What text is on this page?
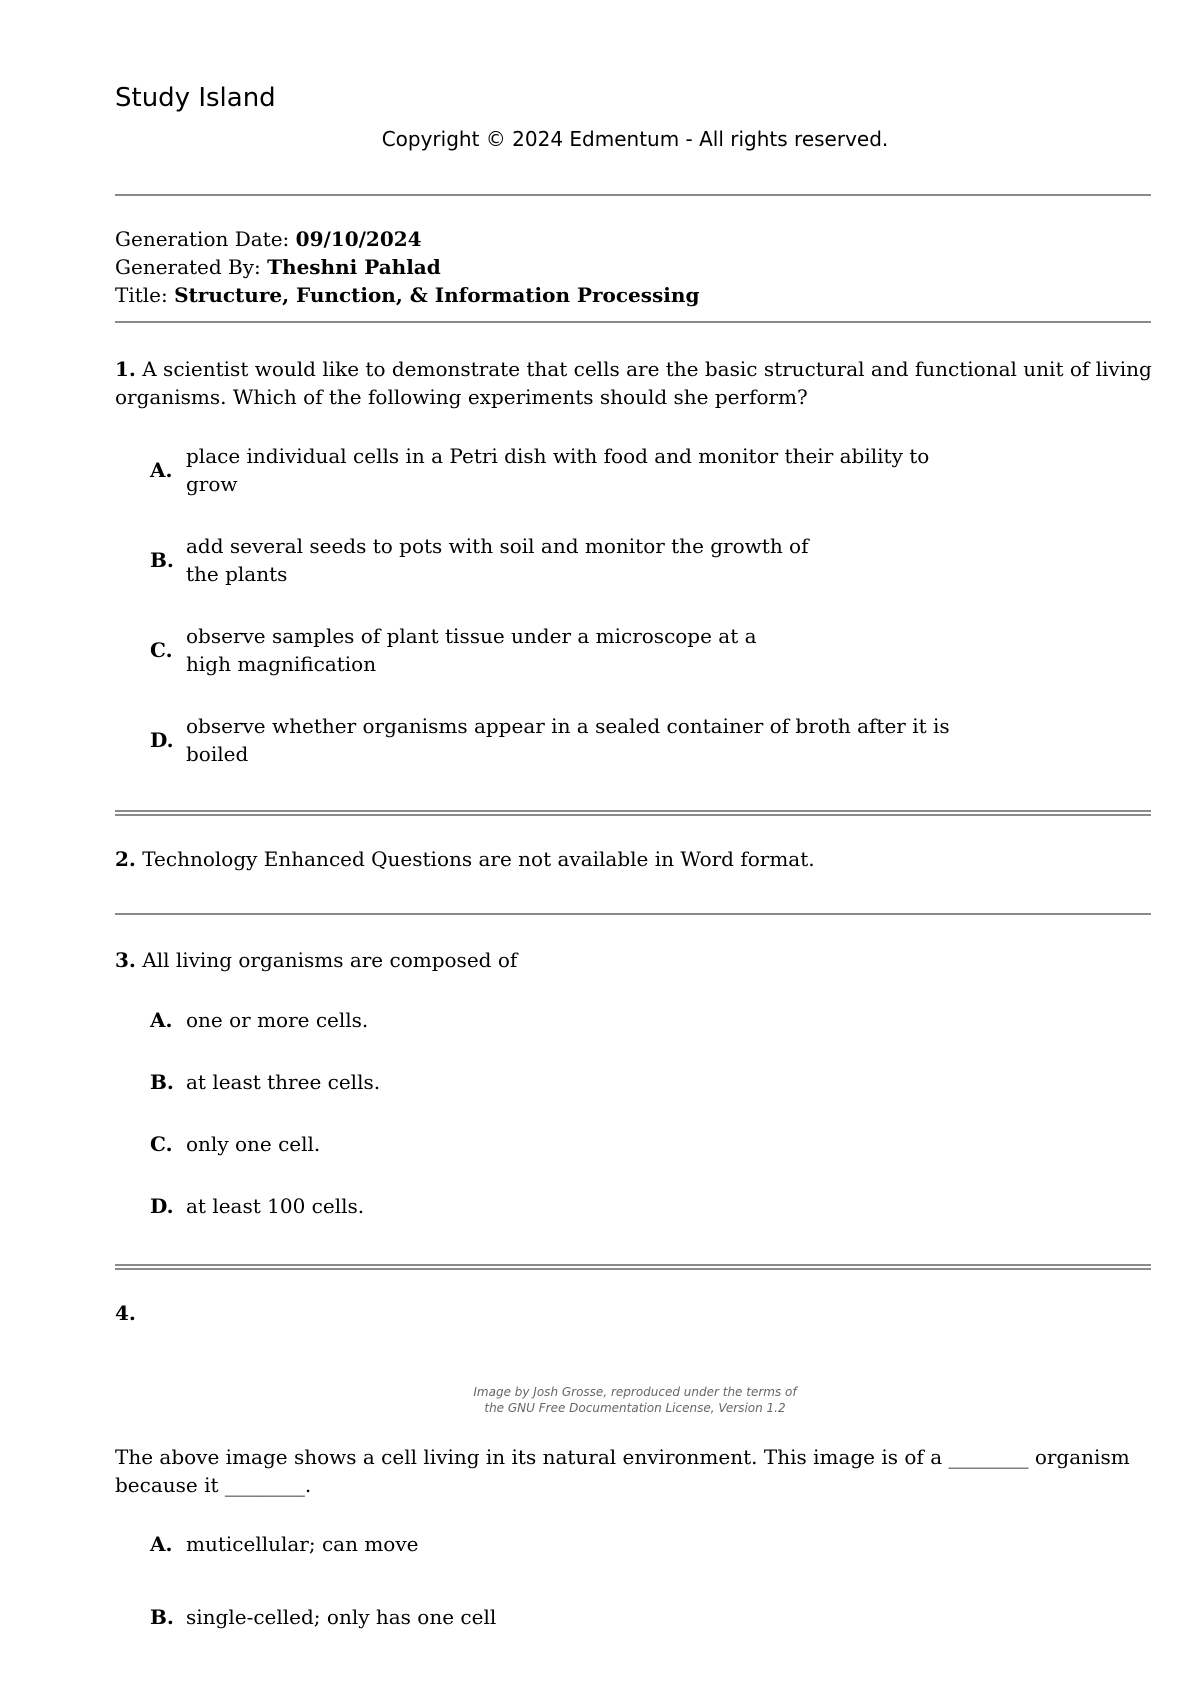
Study Island
Copyright © 2024 Edmentum - All rights reserved.
Generation Date: 09/10/2024
Generated By: Theshni Pahlad
Title: Structure, Function, & Information Processing
1. A scientist would like to demonstrate that cells are the basic structural and functional unit of living organisms. Which of the following experiments should she perform?
A.
place individual cells in a Petri dish with food and monitor their ability to grow
B.
add several seeds to pots with soil and monitor the growth of the plants
C.
observe samples of plant tissue under a microscope at a high magnification
D.
observe whether organisms appear in a sealed container of broth after it is boiled
2. Technology Enhanced Questions are not available in Word format.
3. All living organisms are composed of
A. one or more cells.
B. at least three cells.
C. only one cell.
D. at least 100 cells.
4.
Image by Josh Grosse, reproduced under the terms of
the GNU Free Documentation License, Version 1.2
The above image shows a cell living in its natural environment. This image is of a ________ organism because it ________.
A. muticellular; can move
B. single-celled; only has one cell
